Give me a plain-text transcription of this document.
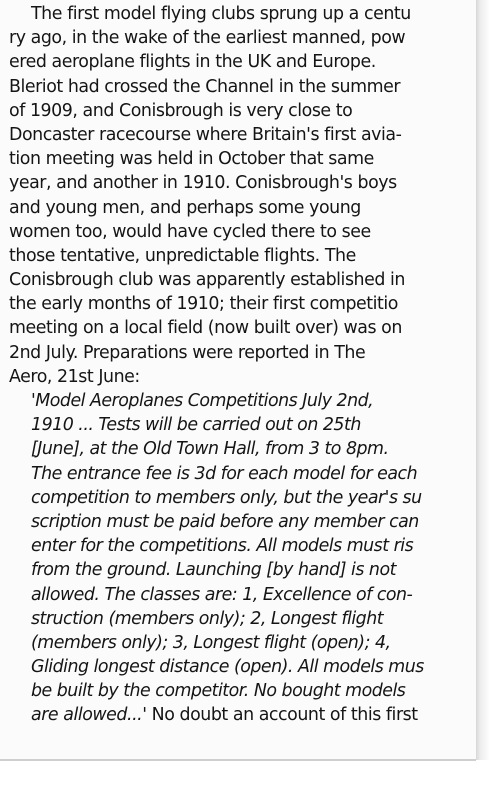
The first model flying clubs sprung up a centu
ry ago, in the wake of the earliest manned, pow
ered aeroplane flights in the UK and Europe.
Bleriot had crossed the Channel in the summer
of 1909, and Conisbrough is very close to
Doncaster racecourse where Britain's first avia-
tion meeting was held in October that same
year, and another in 1910. Conisbrough's boys
and young men, and perhaps some young
women too, would have cycled there to see
those tentative, unpredictable flights. The
Conisbrough club was apparently established in
the early months of 1910; their first competitio
meeting on a local field (now built over) was on
2nd July. Preparations were reported in The
Aero, 21st June:
'Model Aeroplanes Competitions July 2nd,
1910 ... Tests will be carried out on 25th
[June], at the Old Town Hall, from 3 to 8pm.
The entrance fee is 3d for each model for each
competition to members only, but the year's su
scription must be paid before any member can
enter for the competitions. All models must ris
from the ground. Launching [by hand] is not
allowed. The classes are: 1, Excellence of con-
struction (members only); 2, Longest flight
(members only); 3, Longest flight (open); 4,
Gliding longest distance (open). All models mus
be built by the competitor. No bought models
are allowed...' No doubt an account of this first
